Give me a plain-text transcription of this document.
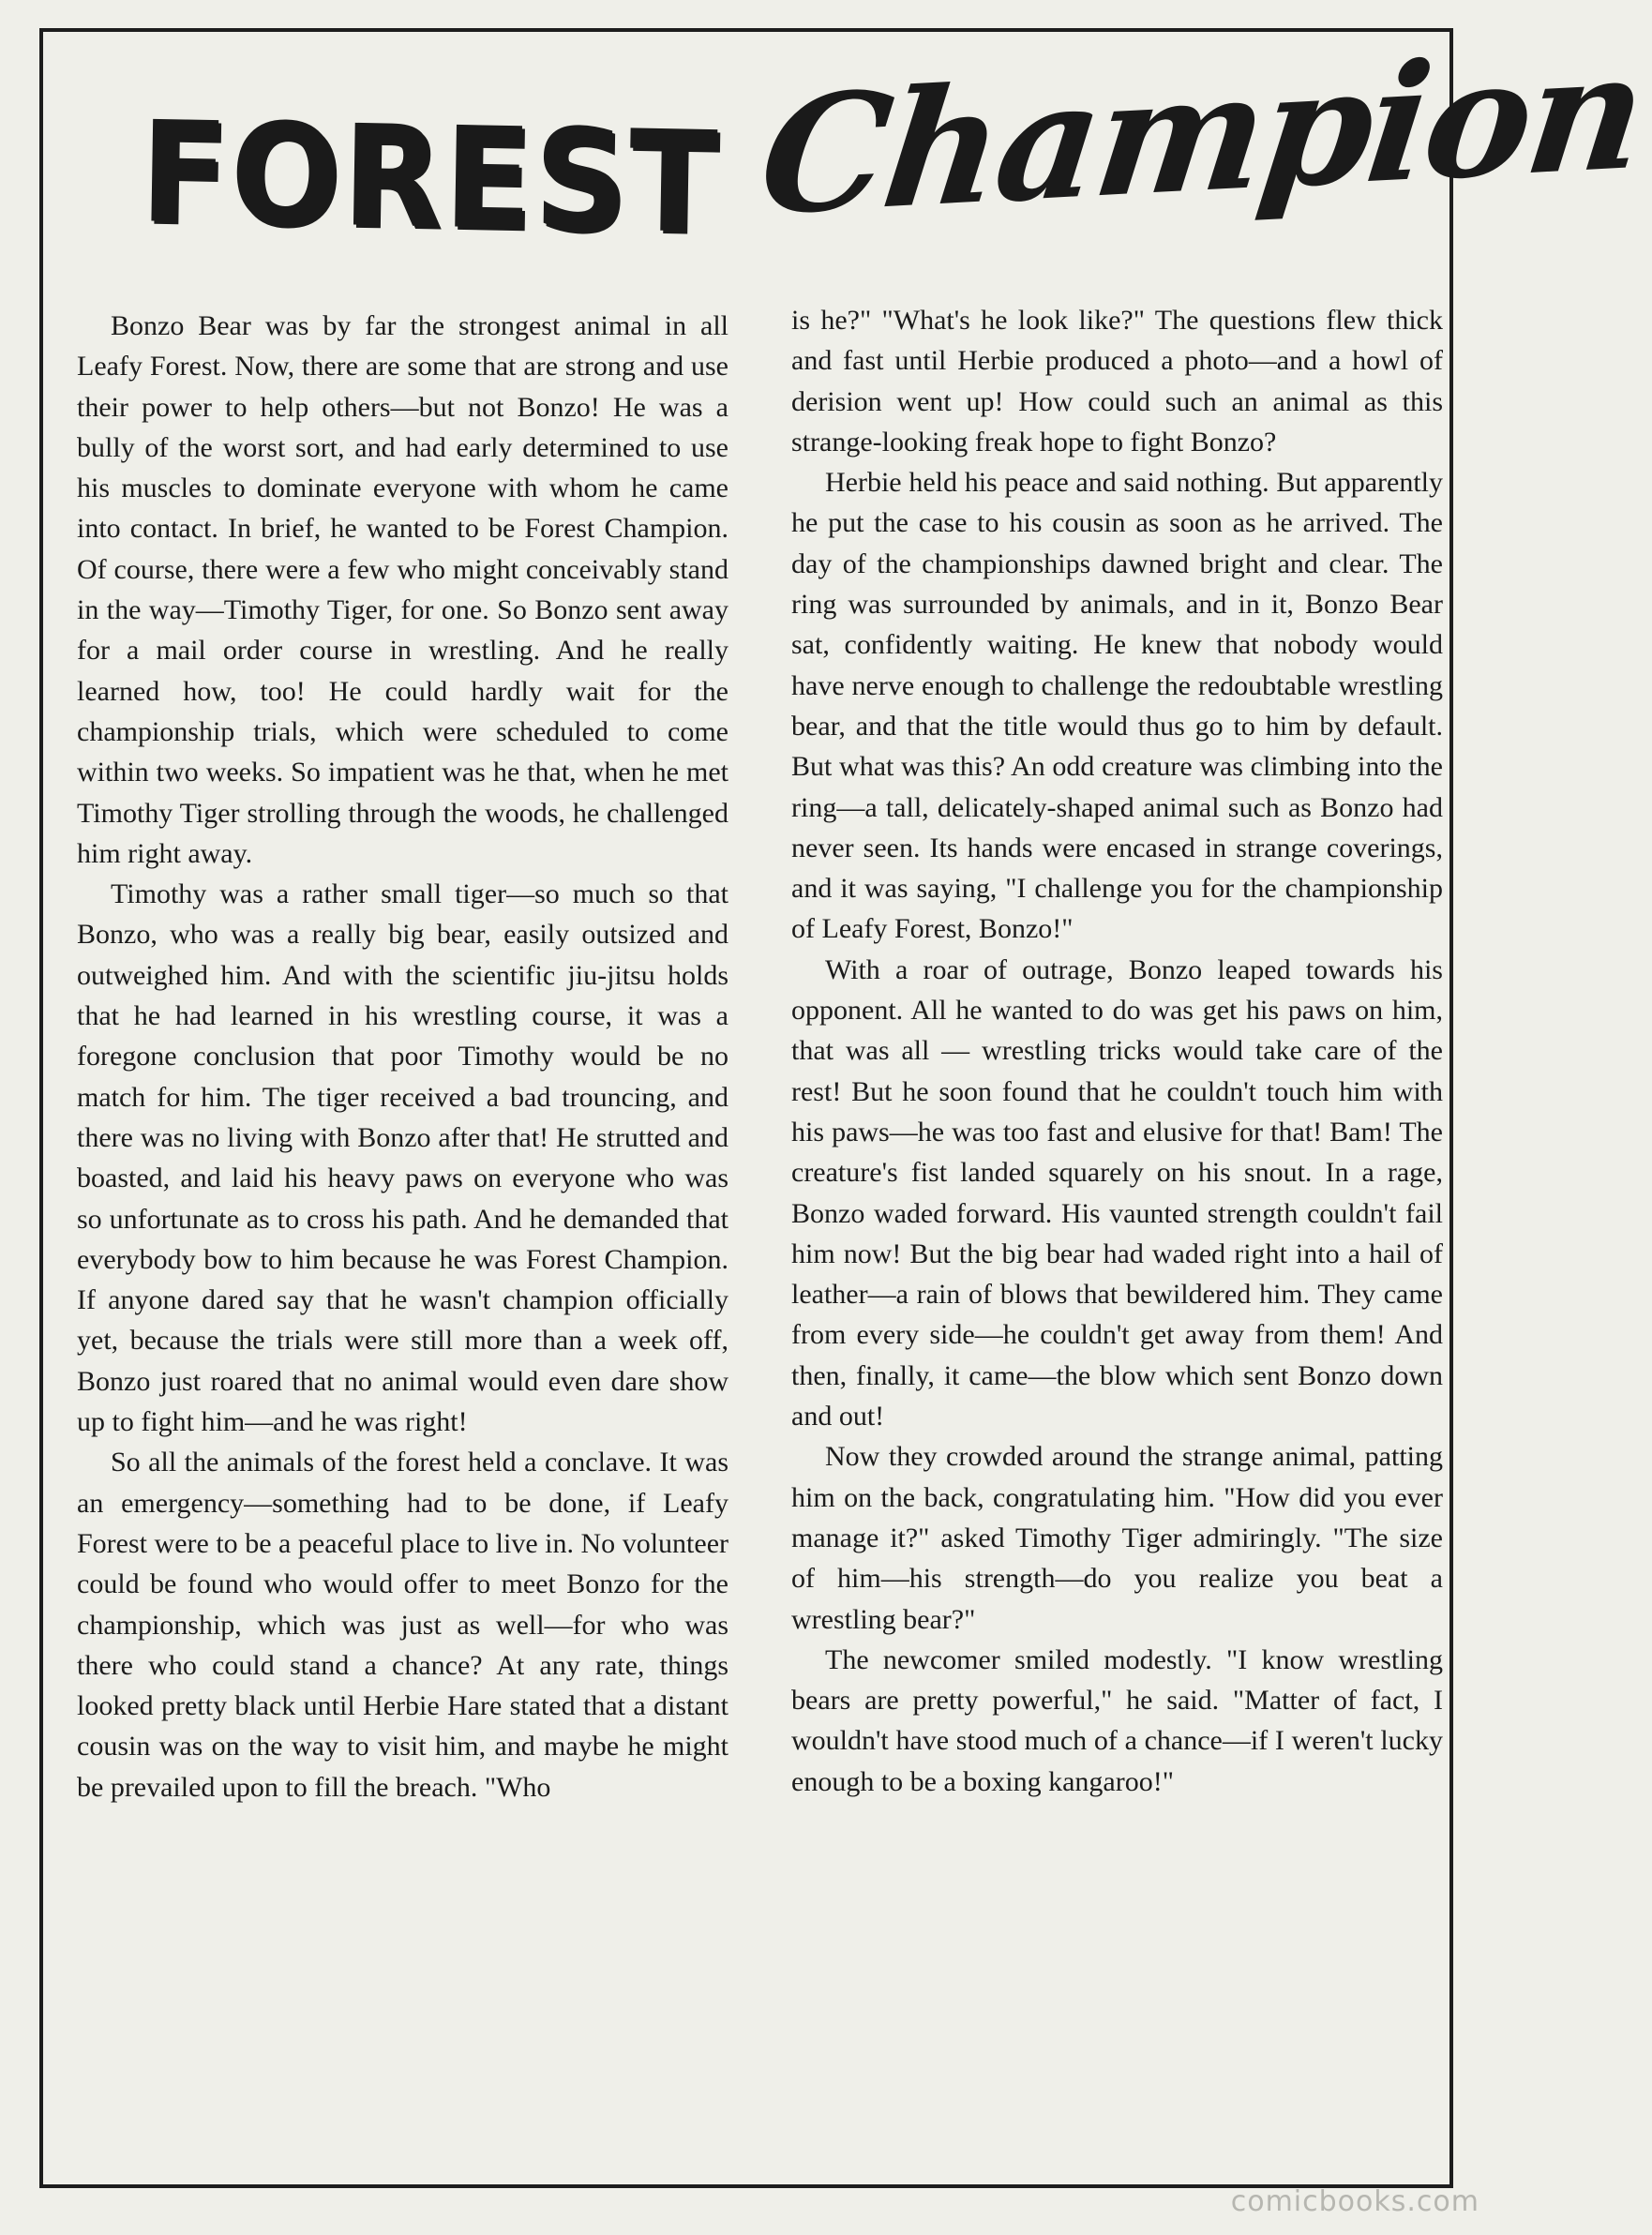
FOREST Champion

Bonzo Bear was by far the strongest animal in all Leafy Forest. Now, there are some that are strong and use their power to help others—but not Bonzo! He was a bully of the worst sort, and had early determined to use his muscles to dominate everyone with whom he came into contact. In brief, he wanted to be Forest Champion. Of course, there were a few who might conceivably stand in the way—Timothy Tiger, for one. So Bonzo sent away for a mail order course in wrestling. And he really learned how, too! He could hardly wait for the championship trials, which were scheduled to come within two weeks. So impatient was he that, when he met Timothy Tiger strolling through the woods, he challenged him right away.

Timothy was a rather small tiger—so much so that Bonzo, who was a really big bear, easily outsized and outweighed him. And with the scientific jiu-jitsu holds that he had learned in his wrestling course, it was a foregone conclusion that poor Timothy would be no match for him. The tiger received a bad trouncing, and there was no living with Bonzo after that! He strutted and boasted, and laid his heavy paws on everyone who was so unfortunate as to cross his path. And he demanded that everybody bow to him because he was Forest Champion. If anyone dared say that he wasn't champion officially yet, because the trials were still more than a week off, Bonzo just roared that no animal would even dare show up to fight him—and he was right!

So all the animals of the forest held a conclave. It was an emergency—something had to be done, if Leafy Forest were to be a peaceful place to live in. No volunteer could be found who would offer to meet Bonzo for the championship, which was just as well—for who was there who could stand a chance? At any rate, things looked pretty black until Herbie Hare stated that a distant cousin was on the way to visit him, and maybe he might be prevailed upon to fill the breach. "Who

is he?" "What's he look like?" The questions flew thick and fast until Herbie produced a photo—and a howl of derision went up! How could such an animal as this strange-looking freak hope to fight Bonzo?

Herbie held his peace and said nothing. But apparently he put the case to his cousin as soon as he arrived. The day of the championships dawned bright and clear. The ring was surrounded by animals, and in it, Bonzo Bear sat, confidently waiting. He knew that nobody would have nerve enough to challenge the redoubtable wrestling bear, and that the title would thus go to him by default. But what was this? An odd creature was climbing into the ring—a tall, delicately-shaped animal such as Bonzo had never seen. Its hands were encased in strange coverings, and it was saying, "I challenge you for the championship of Leafy Forest, Bonzo!"

With a roar of outrage, Bonzo leaped towards his opponent. All he wanted to do was get his paws on him, that was all — wrestling tricks would take care of the rest! But he soon found that he couldn't touch him with his paws—he was too fast and elusive for that! Bam! The creature's fist landed squarely on his snout. In a rage, Bonzo waded forward. His vaunted strength couldn't fail him now! But the big bear had waded right into a hail of leather—a rain of blows that bewildered him. They came from every side—he couldn't get away from them! And then, finally, it came—the blow which sent Bonzo down and out!

Now they crowded around the strange animal, patting him on the back, congratulating him. "How did you ever manage it?" asked Timothy Tiger admiringly. "The size of him—his strength—do you realize you beat a wrestling bear?"

The newcomer smiled modestly. "I know wrestling bears are pretty powerful," he said. "Matter of fact, I wouldn't have stood much of a chance—if I weren't lucky enough to be a boxing kangaroo!"

comicbooks.com
